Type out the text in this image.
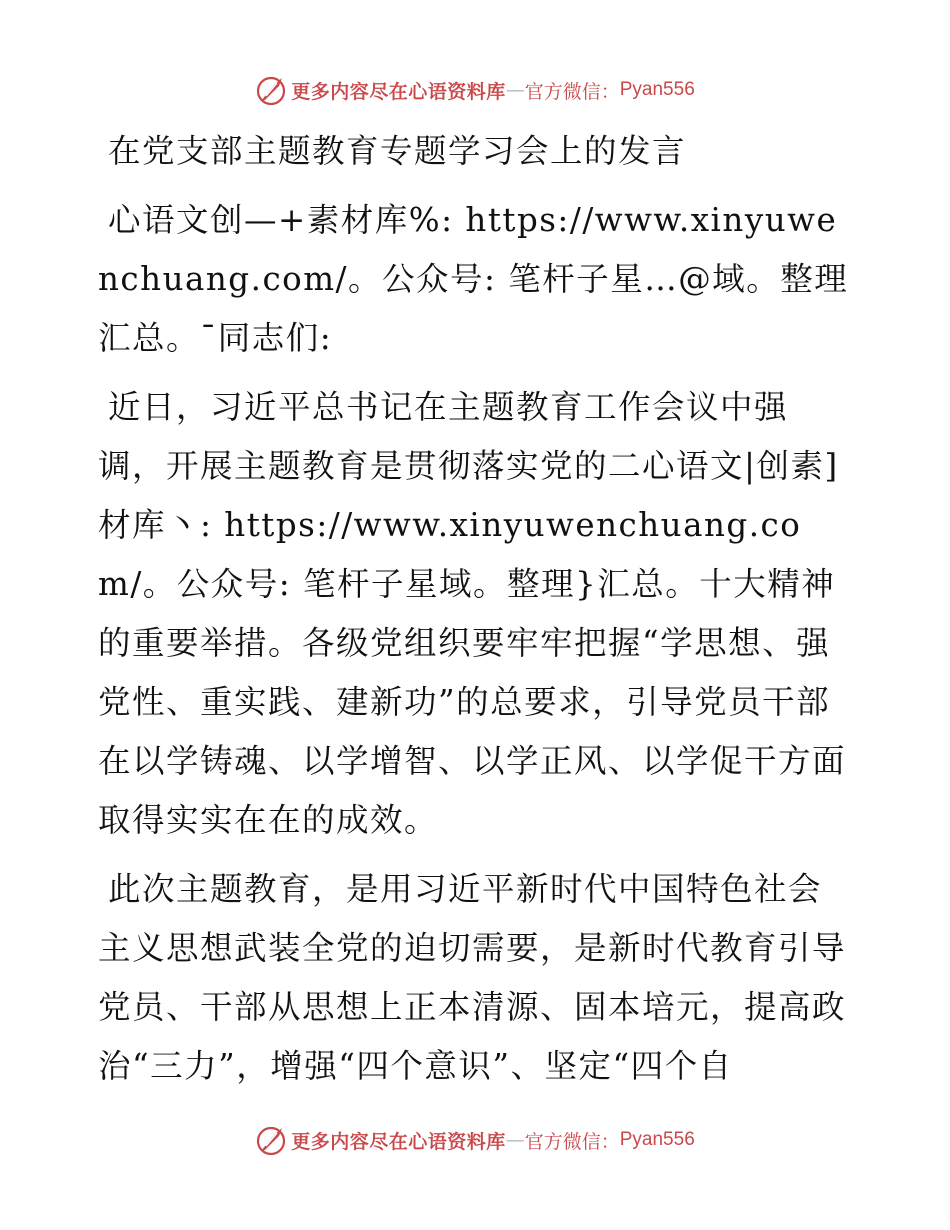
更多内容尽在心语资料库 — 官方微信： Pyan556

在党支部主题教育专题学习会上的发言

心语文创—+素材库%: https://www.xinyuwenchuang.com/。公众号: 笔杆子星…@域。整理汇总。¯同志们:

近日，习近平总书记在主题教育工作会议中强调，开展主题教育是贯彻落实党的二心语文|创素]材库丶: https://www.xinyuwenchuang.com/。公众号: 笔杆子星域。整理}汇总。十大精神的重要举措。各级党组织要牢牢把握“学思想、强党性、重实践、建新功”的总要求，引导党员干部在以学铸魂、以学增智、以学正风、以学促干方面取得实实在在的成效。

此次主题教育，是用习近平新时代中国特色社会主义思想武装全党的迫切需要，是新时代教育引导党员、干部从思想上正本清源、固本培元，提高政治“三力”，增强“四个意识”、坚定“四个自

更多内容尽在心语资料库 — 官方微信： Pyan556
